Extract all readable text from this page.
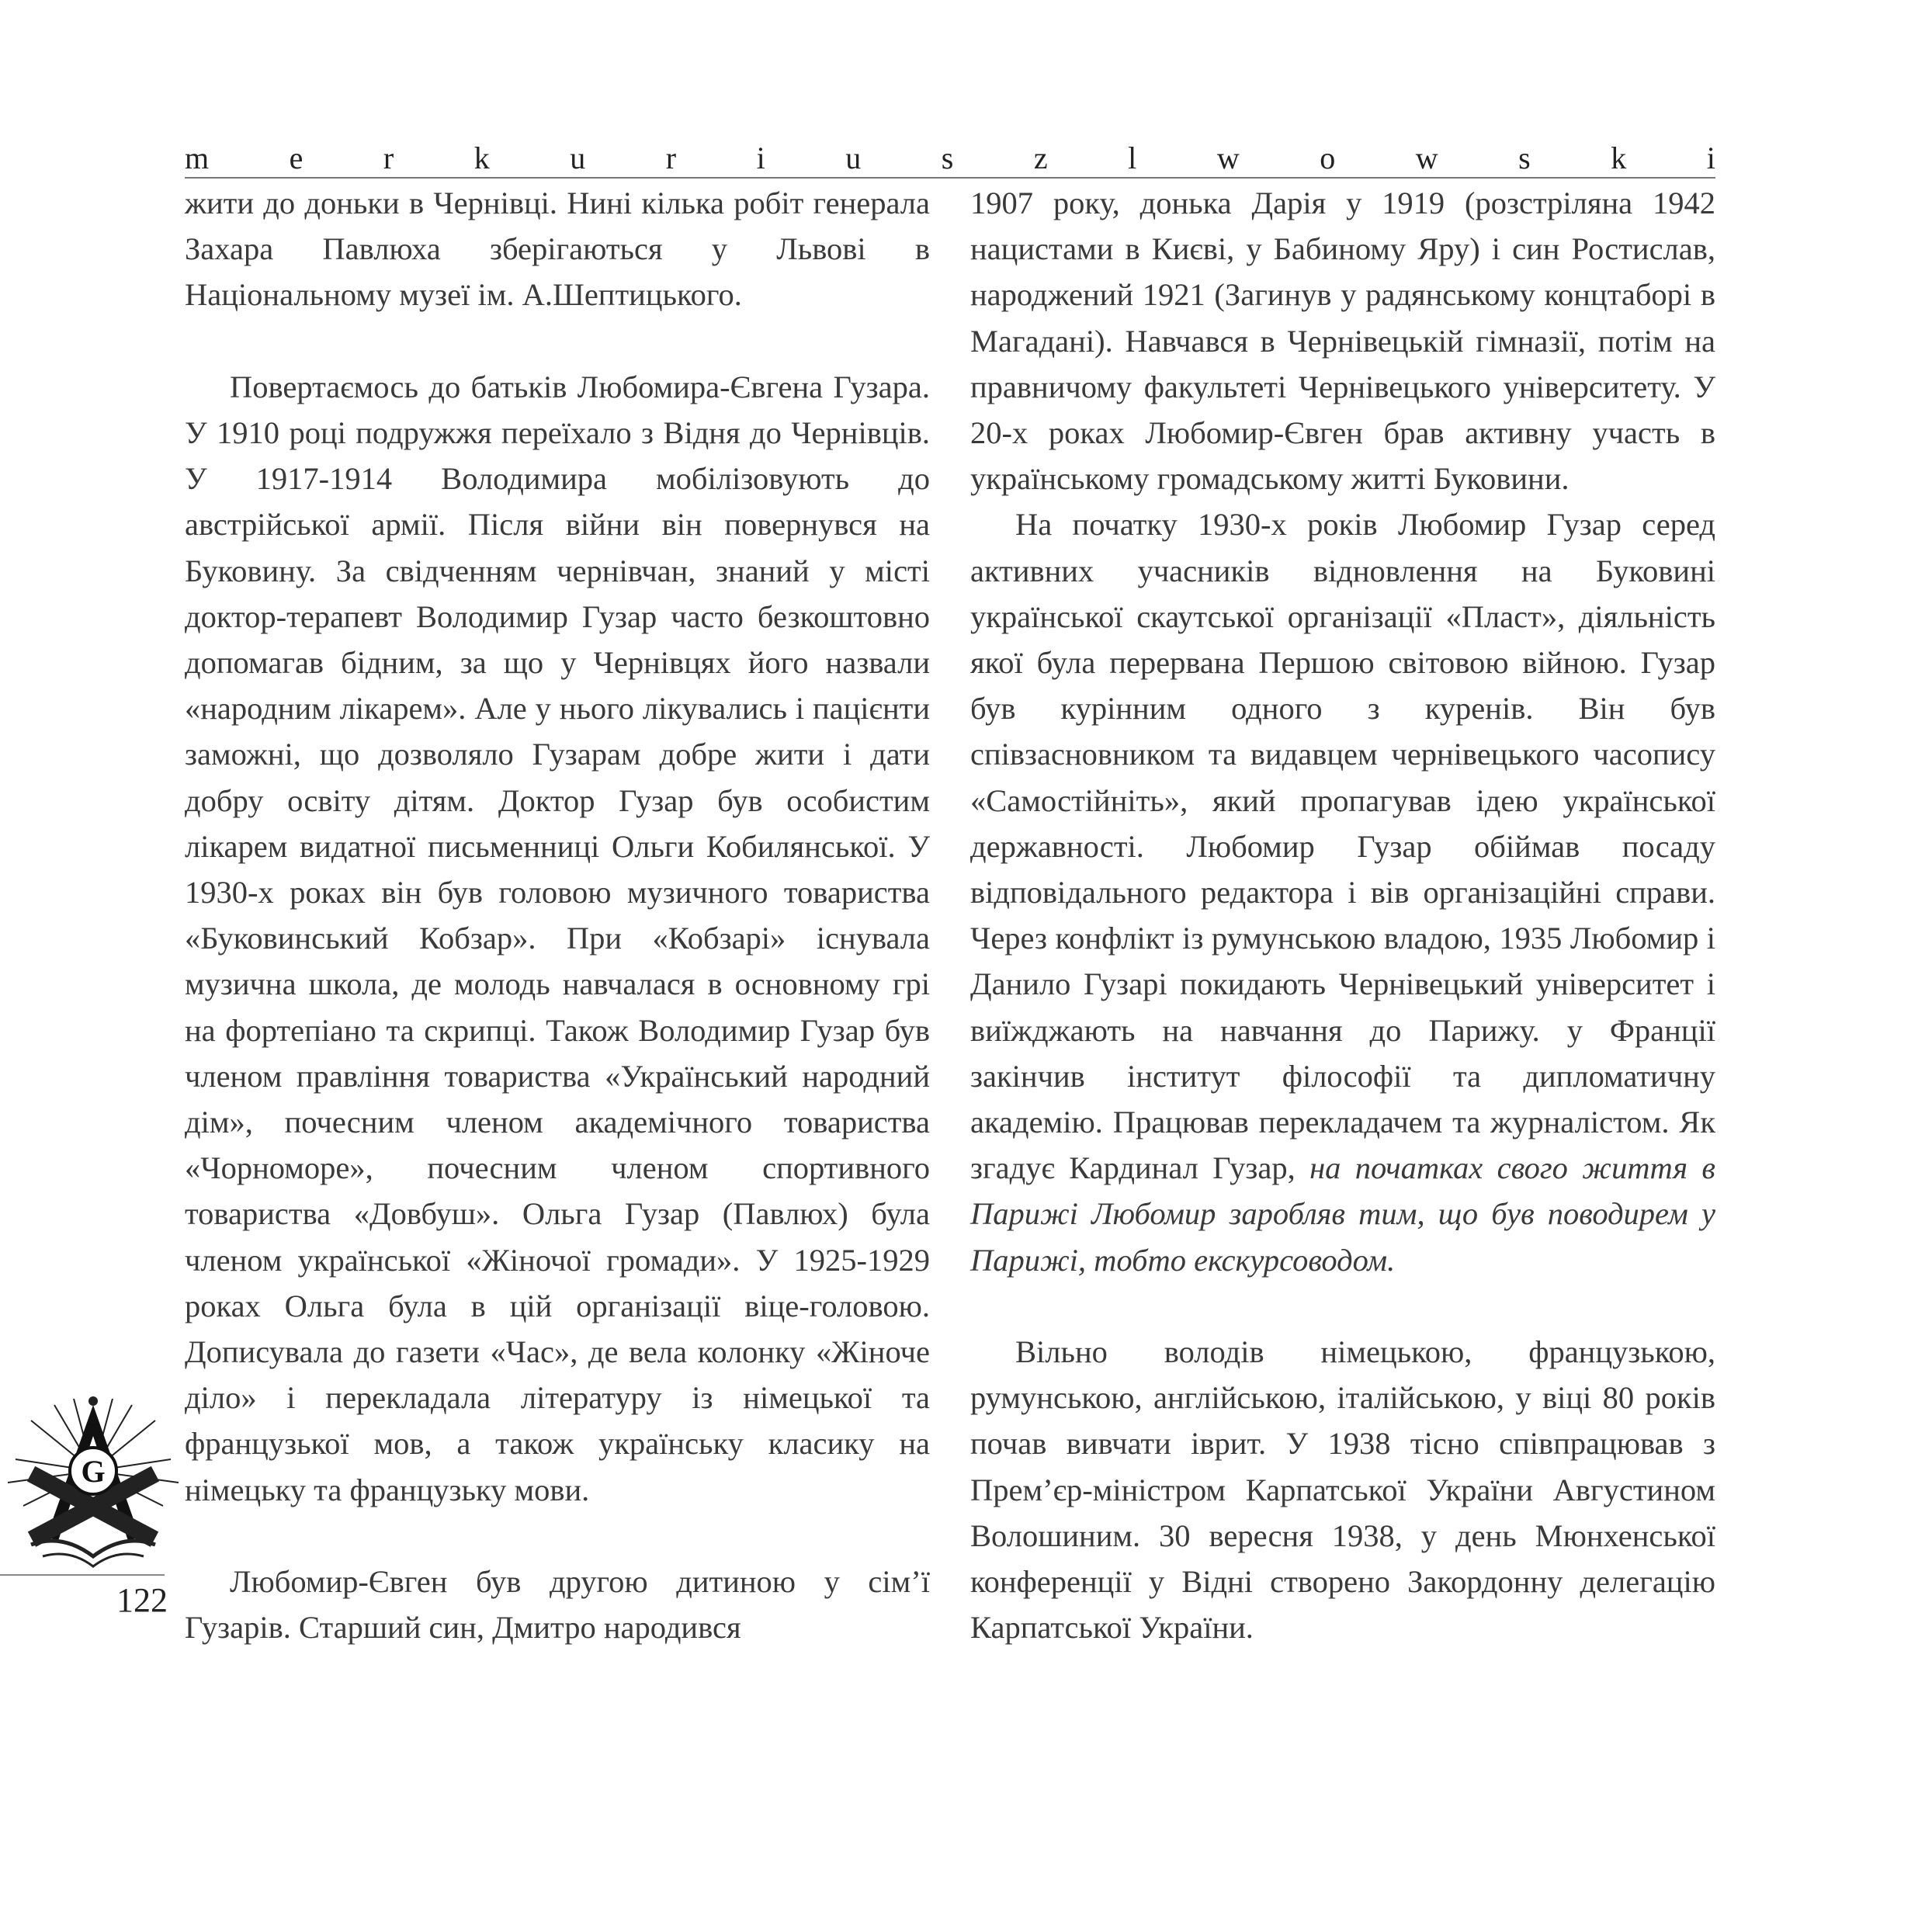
m	e	r	k	u	r	i	u	s	z	l	w	o	w	s	k	i

жити до доньки в Чернівці. Нині кілька робіт генерала Захара Павлюха зберігаються у Львові в Національному музеї ім. А.Шептицького.

Повертаємось до батьків Любомира-Євгена Гузара. У 1910 році подружжя переїхало з Відня до Чернівців. У 1917-1914 Володимира мобілізовують до австрійської армії. Після війни він повернувся на Буковину. За свідченням чернівчан, знаний у місті доктор-терапевт Володимир Гузар часто безкоштовно допомагав бідним, за що у Чернівцях його назвали «народним лікарем». Але у нього лікувались і пацієнти заможні, що дозволяло Гузарам добре жити і дати добру освіту дітям. Доктор Гузар був особистим лікарем видатної письменниці Ольги Кобилянської. У 1930-х роках він був головою музичного товариства «Буковинський Кобзар». При «Кобзарі» існувала музична школа, де молодь навчалася в основному грі на фортепіано та скрипці. Також Володимир Гузар був членом правління товариства «Український народний дім», почесним членом академічного товариства «Чорноморе», почесним членом спортивного товариства «Довбуш». Ольга Гузар (Павлюх) була членом української «Жіночої громади». У 1925-1929 роках Ольга була в цій організації віце-головою. Дописувала до газети «Час», де вела колонку «Жіноче діло» і перекладала літературу із німецької та французької мов, а також українську класику на німецьку та французьку мови.

Любомир-Євген був другою дитиною у сім’ї Гузарів. Старший син, Дмитро народився

1907 року, донька Дарія у 1919 (розстріляна 1942 нацистами в Києві, у Бабиному Яру) і син Ростислав, народжений 1921 (Загинув у радянському концтаборі в Магадані). Навчався в Чернівецькій гімназії, потім на правничому факультеті Чернівецького університету. У 20-х роках Любомир-Євген брав активну участь в українському громадському житті Буковини.

На початку 1930-х років Любомир Гузар серед активних учасників відновлення на Буковині української скаутської організації «Пласт», діяльність якої була перервана Першою світовою війною. Гузар був курінним одного з куренів. Він був співзасновником та видавцем чернівецького часопису «Самостійніть», який пропагував ідею української державності. Любомир Гузар обіймав посаду відповідального редактора і вів організаційні справи. Через конфлікт із румунською владою, 1935 Любомир і Данило Гузарі покидають Чернівецький університет і виїжджають на навчання до Парижу. у Франції закінчив інститут філософії та дипломатичну академію. Працював перекладачем та журналістом. Як згадує Кардинал Гузар, на початках свого життя в Парижі Любомир заробляв тим, що був поводирем у Парижі, тобто екскурсоводом.

Вільно володів німецькою, французькою, румунською, англійською, італійською, у віці 80 років почав вивчати іврит. У 1938 тісно співпрацював з Прем’єр-міністром Карпатської України Августином Волошиним. 30 вересня 1938, у день Мюнхенської конференції у Відні створено Закордонну делегацію Карпатської України.

G
122
